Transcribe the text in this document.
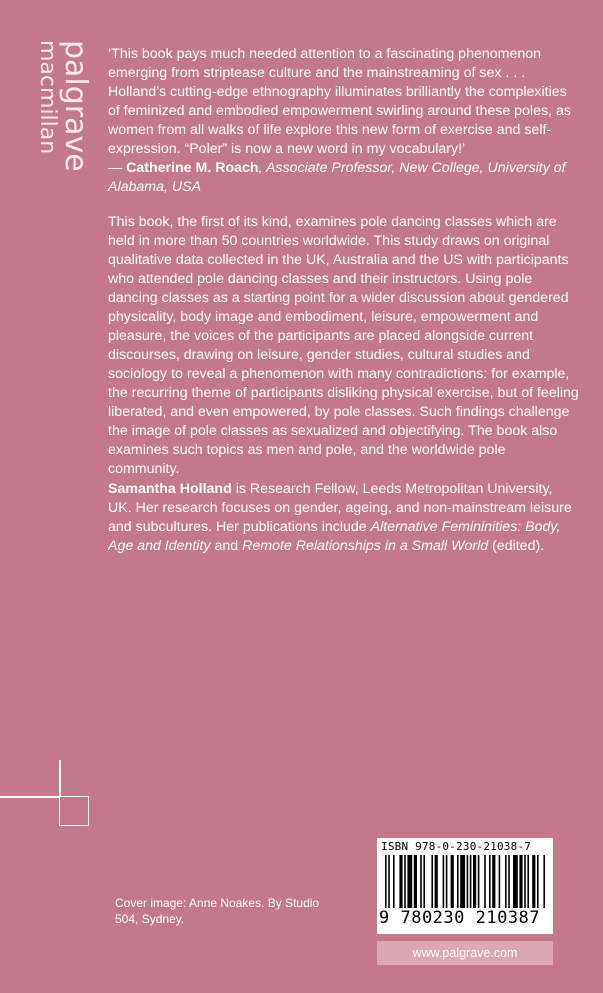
palgrave
macmillan	‘This book pays much needed attention to a fascinating phenomenon emerging from striptease culture and the mainstreaming of sex . . . Holland’s cutting-edge ethnography illuminates brilliantly the complexities of feminized and embodied empowerment swirling around these poles, as women from all walks of life explore this new form of exercise and self-expression. “Poler” is now a new word in my vocabulary!’
— Catherine M. Roach, Associate Professor, New College, University of Alabama, USA
This book, the first of its kind, examines pole dancing classes which are held in more than 50 countries worldwide. This study draws on original qualitative data collected in the UK, Australia and the US with participants who attended pole dancing classes and their instructors. Using pole dancing classes as a starting point for a wider discussion about gendered physicality, body image and embodiment, leisure, empowerment and pleasure, the voices of the participants are placed alongside current discourses, drawing on leisure, gender studies, cultural studies and sociology to reveal a phenomenon with many contradictions: for example, the recurring theme of participants disliking physical exercise, but of feeling liberated, and even empowered, by pole classes. Such findings challenge the image of pole classes as sexualized and objectifying. The book also examines such topics as men and pole, and the worldwide pole community.
Samantha Holland is Research Fellow, Leeds Metropolitan University, UK. Her research focuses on gender, ageing, and non-mainstream leisure and subcultures. Her publications include Alternative Femininities: Body, Age and Identity and Remote Relationships in a Small World (edited).
Cover image: Anne Noakes. By Studio 504, Sydney.
ISBN 978-0-230-21038-7
9 780230 210387
www.palgrave.com
